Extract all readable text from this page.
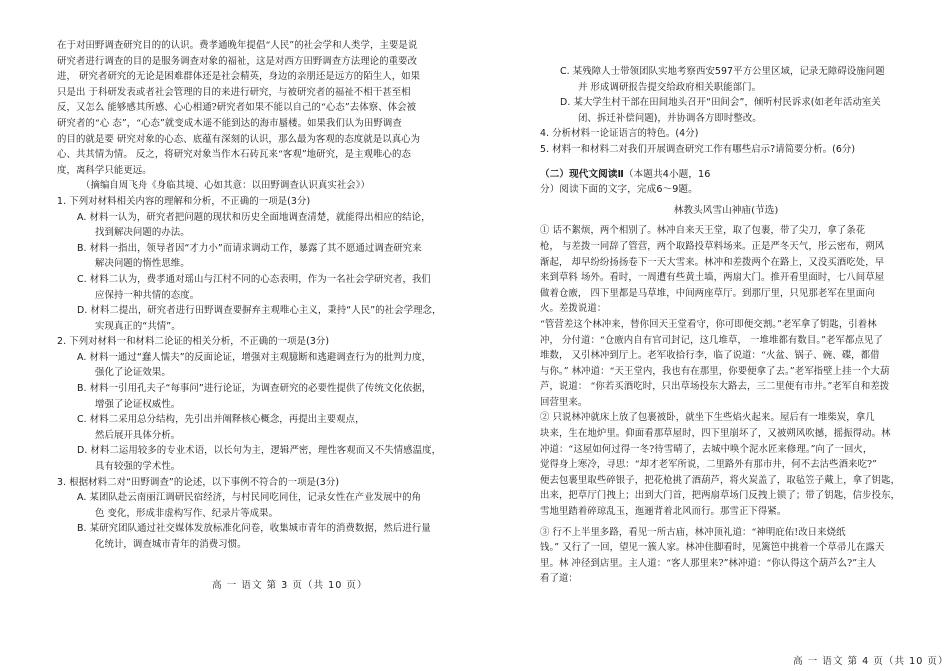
在于对田野调查研究目的的认识。费孝通晚年提倡“人民”的社会学和人类学，主要是说
研究者进行调查的目的是服务调查对象的福祉，这是对西方田野调查方法理论的重要改
进， 研究者研究的无论是困难群体还是社会精英，身边的亲朋还是远方的陌生人，如果
只是出 于科研发表或者社会管理的目的来进行研究，与被研究者的福祉不相干甚至相
反，又怎么 能够感其所感、心心相通?研究者如果不能以自己的“心态”去体察、体会被
研究者的“心 态”，“心态”就变成木遥不能到达的海市蜃楼。如果我们认为田野调查
的目的就是要 研究对象的心态、底蕴有深刻的认识，那么最为客观的态度就是以真心为
心、共其情为情。 反之，将研究对象当作木石砖瓦来“客观”地研究，是主观唯心的态
度，离科学只能更远。
（摘编自周飞舟《身临其境、心如其意：以田野调查认识真实社会》）
1. 下列对材料相关内容的理解和分析，不正确的一项是(3分)
A. 材料一认为，研究者把问题的现状和历史全面地调查清楚，就能得出相应的结论，
找到解决问题的办法。
B. 材料一指出，领导者因“才力小”而请求调动工作，暴露了其不愿通过调查研究来
解决问题的惰性思维。
C. 材料二认为，费孝通对瑶山与江村不同的心态表明，作为一名社会学研究者，我们
应保持一种共情的态度。
D. 材料二提出，研究者进行田野调查要摒弃主观唯心主义，秉持“人民”的社会学理念，
实现真正的“共情”。
2. 下列对材料一和材料二论证的相关分析，不正确的一项是(3分)
A. 材料一通过“蠢人懦夫”的反面论证，增强对主观臆断和逃避调查行为的批判力度，
强化了论证效果。
B. 材料一引用孔夫子“每事问”进行论证，为调查研究的必要性提供了传统文化依据，
增强了论证权威性。
C. 材料二采用总分结构，先引出并阐释核心概念，再提出主要观点，
然后展开具体分析。
D. 材料二运用较多的专业术语，以长句为主，逻辑严密，理性客观而又不失情感温度，
具有较强的学术性。
3. 根据材料二对“田野调查”的论述，以下事例不符合的一项是(3分)
A. 某团队赴云南丽江调研民宿经济，与村民同吃同住，记录女性在产业发展中的角
色 变化，形成非虚构写作、纪录片等成果。
B. 某研究团队通过社交媒体发放标准化问卷，收集城市青年的消费数据，然后进行量
化统计，调查城市青年的消费习惯。
高 一 语文 第 3 页（共 10 页）
C. 某残障人士带领团队实地考察西安597平方公里区域，记录无障碍设施问题
并 形成调研报告提交给政府相关职能部门。
D. 某大学生村干部在田间地头召开“田间会”，倾听村民诉求(如老年活动室关
闭、拆迁补偿问题)，并协调各方即时整改。
4. 分析材料一论证语言的特色。(4分)
5. 材料一和材料二对我们开展调查研究工作有哪些启示?请简要分析。(6分)
（二）现代文阅读Ⅱ（本题共4小题，16
分）阅读下面的文字，完成6～9题。
林教头风雪山神庙(节选)
① 话不絮烦，两个相别了。林冲自来天王堂，取了包裹，带了尖刀，拿了条花
枪， 与差拨一同辞了管营，两个取路投草料场来。正是严冬天气，彤云密布，朔风
渐起， 却早纷纷扬扬卷下一天大雪来。林冲和差拨两个在路上，又没买酒吃处，早
来到草料 场外。看时，一周遭有些黄土墙，两扇大门。推开看里面时，七八间草屋
做着仓廒， 四下里都是马草堆，中间两座草厅。到那厅里，只见那老军在里面向
火。差拨说道：
“管营差这个林冲来，替你回天王堂看守，你可即便交割。”老军拿了钥匙，引着林
冲， 分付道：“仓廒内自有官司封记，这几堆草， 一堆堆都有数目。”老军都点见了
堆数， 又引林冲到厅上。老军收拾行李，临了说道：“火盆、锅子、碗、碟，都借
与你。” 林冲道：“天王堂内，我也有在那里，你要便拿了去。”老军指壁上挂一个大葫
芦，说道： “你若买酒吃时，只出草场投东大路去，三二里便有市井。”老军自和差拨
回营里来。
② 只说林冲就床上放了包裹被卧，就坐下生些焰火起来。屋后有一堆柴炭，拿几
块来，生在地炉里。仰面看那草屋时，四下里崩坏了，又被朔风吹撼，摇振得动。林
冲道：“这屋如何过得一冬?待雪晴了，去城中唤个泥水匠来修理。”向了一回火，
觉得身上寒冷，寻思：“却才老军所说，二里路外有那市井，何不去沽些酒来吃?”
便去包裹里取些碎银子，把花枪挑了酒葫芦，将火炭盖了，取毡笠子戴上，拿了钥匙，
出来，把草厅门拽上；出到大门首，把两扇草场门反拽上锁了；带了钥匙，信步投东，
雪地里踏着碎琼乱玉，迤逦背着北风而行。那雪正下得紧。
③ 行不上半里多路，看见一所古庙，林冲顶礼道：“神明庇佑!改日来烧纸
钱。” 又行了一回，望见一簇人家。林冲住脚看时，见篱笆中挑着一个草帚儿在露天
里。林 冲径到店里。主人道：“客人那里来?”林冲道：“你认得这个葫芦么?”主人
看了道：
高 一 语文 第 4 页（共 10 页）
